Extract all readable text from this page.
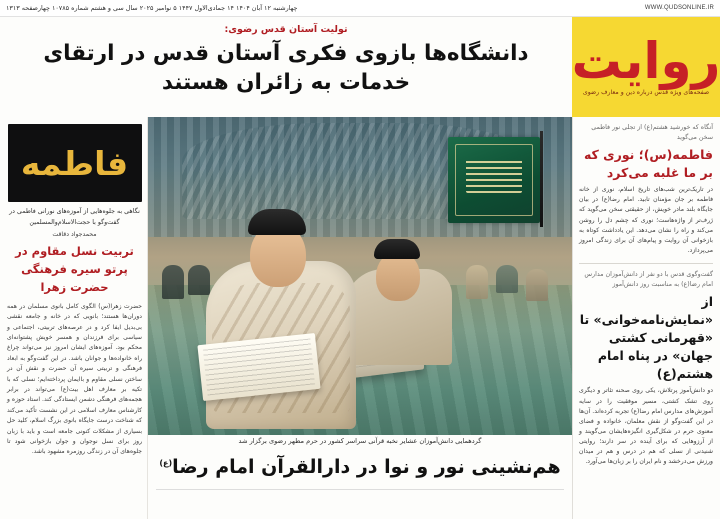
WWW.QUDSONLINE.IR
چهارشنبه ۱۲ آبان ۱۴۰۴ ۱۴ جمادی‌الاول ۱۴۴۷ ۵ نوامبر ۲۰۲۵ سال سی و هشتم شماره ۱۰۷۸۵ چهارصفحه ۱۳۱۳
روایت
صفحه‌های ویژه قدس درباره دین و معارف رضوی
تولیت آستان قدس رضوی:
دانشگاه‌ها بازوی فکری آستان قدس در ارتقای خدمات به زائران هستند
فاطمه
نگاهی به جلوه‌هایی از آموزه‌های نورانی فاطمی در گفت‌وگو با حجت‌الاسلام‌والمسلمین
محمدجواد دقاقت
تربیت نسل مقاوم در پرتو سیره فرهنگی حضرت زهرا
حضرت زهرا(س) الگوی کامل بانوی مسلمان در همه دوران‌ها هستند؛ بانویی که در خانه و جامعه نقشی بی‌بدیل ایفا کرد و در عرصه‌های تربیتی، اجتماعی و سیاسی برای فرزندان و همسر خویش پشتوانه‌ای محکم بود. آموزه‌های ایشان امروز نیز می‌تواند چراغ راه خانواده‌ها و جوانان باشد. در این گفت‌وگو به ابعاد فرهنگی و تربیتی سیره آن حضرت و نقش آن در ساختن نسلی مقاوم و باایمان پرداخته‌ایم؛ نسلی که با تکیه بر معارف اهل بیت(ع) می‌تواند در برابر هجمه‌های فرهنگی دشمن ایستادگی کند. استاد حوزه و کارشناس معارف اسلامی در این نشست تأکید می‌کند که شناخت درست جایگاه بانوی بزرگ اسلام، کلید حل بسیاری از مشکلات کنونی جامعه است و باید با زبان روز برای نسل نوجوان و جوان بازخوانی شود تا جلوه‌های آن در زندگی روزمره مشهود باشد.
گردهمایی دانش‌آموزان عشایر نخبه قرآنی سراسر کشور در حرم مطهر رضوی برگزار شد
هم‌نشینی نور و نوا در دارالقرآن امام رضا$^{(ع)}$
آنگاه که خورشید هشتم(ع) از تجلی نور فاطمی سخن می‌گوید
فاطمه(س)؛ نوری که بر ما غلبه می‌کرد
در تاریک‌ترین شب‌های تاریخ اسلام، نوری از خانه فاطمه بر جان مؤمنان تابید. امام رضا(ع) در بیان جایگاه بلند مادر خویش، از حقیقتی سخن می‌گوید که ژرف‌تر از واژه‌هاست؛ نوری که چشم دل را روشن می‌کند و راه را نشان می‌دهد. این یادداشت کوتاه به بازخوانی آن روایت و پیام‌های آن برای زندگی امروز می‌پردازد.
گفت‌وگوی قدس با دو نفر از دانش‌آموزان مدارس امام رضا(ع) به مناسبت روز دانش‌آموز
از «نمایش‌نامه‌خوانی» تا «قهرمانی کشتی جهان» در پناه امام هشتم(ع)
دو دانش‌آموز پرتلاش، یکی روی صحنه تئاتر و دیگری روی تشک کشتی، مسیر موفقیت را در سایه آموزش‌های مدارس امام رضا(ع) تجربه کرده‌اند. آن‌ها در این گفت‌وگو از نقش معلمان، خانواده و فضای معنوی حرم در شکل‌گیری انگیزه‌هایشان می‌گویند و از آرزوهایی که برای آینده در سر دارند؛ روایتی شنیدنی از نسلی که هم در درس و هم در میدان ورزش می‌درخشد و نام ایران را بر زبان‌ها می‌آورد.
